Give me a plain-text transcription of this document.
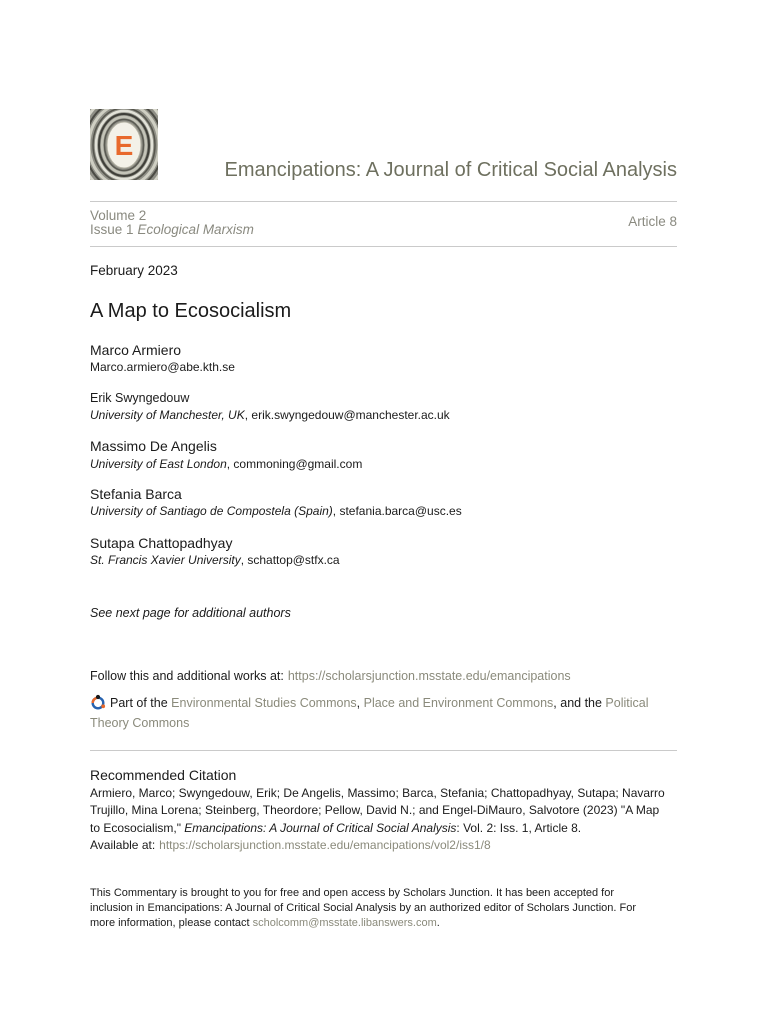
E
Emancipations: A Journal of Critical Social Analysis
Volume 2
Issue 1 Ecological Marxism
Article 8
February 2023
A Map to Ecosocialism
Marco Armiero
Marco.armiero@abe.kth.se
Erik Swyngedouw
University of Manchester, UK, erik.swyngedouw@manchester.ac.uk
Massimo De Angelis
University of East London, commoning@gmail.com
Stefania Barca
University of Santiago de Compostela (Spain), stefania.barca@usc.es
Sutapa Chattopadhyay
St. Francis Xavier University, schattop@stfx.ca
See next page for additional authors
Follow this and additional works at: https://scholarsjunction.msstate.edu/emancipations
Part of the Environmental Studies Commons, Place and Environment Commons, and the Political Theory Commons
Recommended Citation
Armiero, Marco; Swyngedouw, Erik; De Angelis, Massimo; Barca, Stefania; Chattopadhyay, Sutapa; Navarro
Trujillo, Mina Lorena; Steinberg, Theordore; Pellow, David N.; and Engel-DiMauro, Salvotore (2023) "A Map
to Ecosocialism," Emancipations: A Journal of Critical Social Analysis: Vol. 2: Iss. 1, Article 8.
Available at: https://scholarsjunction.msstate.edu/emancipations/vol2/iss1/8
This Commentary is brought to you for free and open access by Scholars Junction. It has been accepted for
inclusion in Emancipations: A Journal of Critical Social Analysis by an authorized editor of Scholars Junction. For
more information, please contact scholcomm@msstate.libanswers.com.
